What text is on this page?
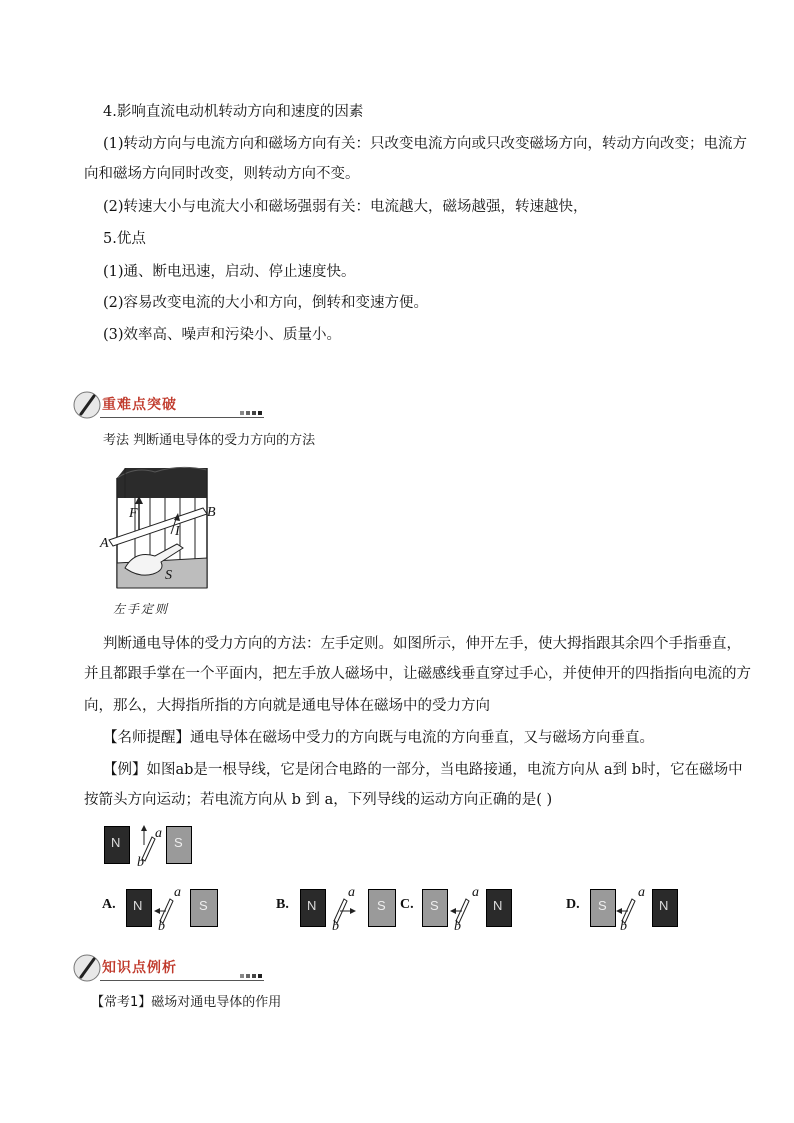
4.影响直流电动机转动方向和速度的因素
(1)转动方向与电流方向和磁场方向有关：只改变电流方向或只改变磁场方向，转动方向改变；电流方
向和磁场方向同时改变，则转动方向不变。
(2)转速大小与电流大小和磁场强弱有关：电流越大，磁场越强，转速越快，
5.优点
(1)通、断电迅速，启动、停止速度快。
(2)容易改变电流的大小和方向，倒转和变速方便。
(3)效率高、噪声和污染小、质量小。
重难点突破
考法 判断通电导体的受力方向的方法
F	B
A
I
S
左手定则
判断通电导体的受力方向的方法：左手定则。如图所示，伸开左手，使大拇指跟其余四个手指垂直，
并且都跟手掌在一个平面内，把左手放人磁场中，让磁感线垂直穿过手心，并使伸开的四指指向电流的方
向，那么，大拇指所指的方向就是通电导体在磁场中的受力方向
【名师提醒】通电导体在磁场中受力的方向既与电流的方向垂直，又与磁场方向垂直。
【例】如图ab是一根导线，它是闭合电路的一部分，当电路接通，电流方向从 a到 b时，它在磁场中
按箭头方向运动；若电流方向从 b 到 a，下列导线的运动方向正确的是( )
N
a
b
S
A. N
a
b
S	B. N
a
b
S C. S
a
b
N	D. S
a
b
N
知识点例析
【常考1】磁场对通电导体的作用
